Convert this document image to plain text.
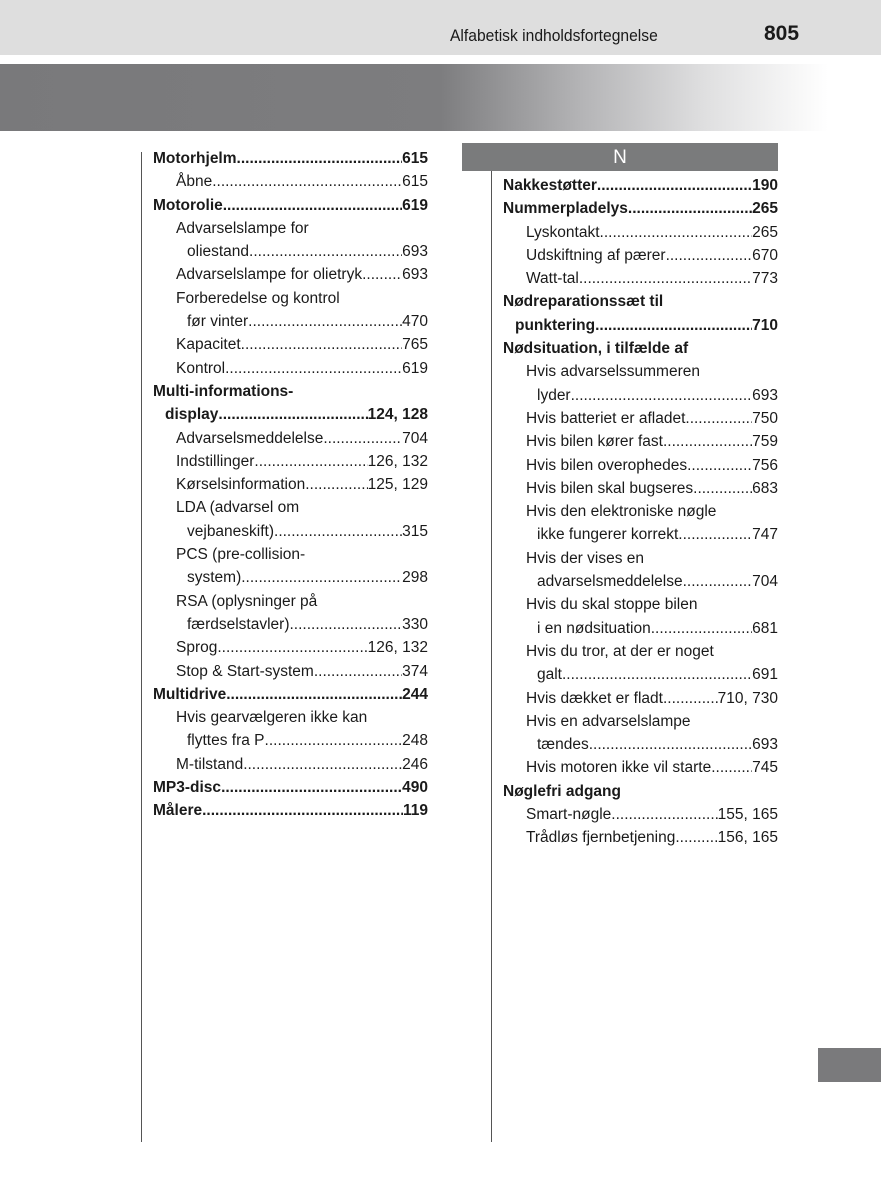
Alfabetisk indholdsfortegnelse	805
N
Motorhjelm .....	615
Åbne .....	615
Motorolie .....	619
Advarselslampe for
oliestand .....	693
Advarselslampe for olietryk .....	693
Forberedelse og kontrol
før vinter .....	470
Kapacitet .....	765
Kontrol .....	619
Multi-informations-
display .....	124, 128
Advarselsmeddelelse .....	704
Indstillinger .....	126, 132
Kørselsinformation .....	125, 129
LDA (advarsel om
vejbaneskift) .....	315
PCS (pre-collision-
system) .....	298
RSA (oplysninger på
færdselstavler) .....	330
Sprog .....	126, 132
Stop & Start-system .....	374
Multidrive .....	244
Hvis gearvælgeren ikke kan
flyttes fra P .....	248
M-tilstand .....	246
MP3-disc .....	490
Målere .....	119
Nakkestøtter .....	190
Nummerpladelys .....	265
Lyskontakt .....	265
Udskiftning af pærer .....	670
Watt-tal .....	773
Nødreparationssæt til
punktering .....	710
Nødsituation, i tilfælde af
Hvis advarselssummeren
lyder .....	693
Hvis batteriet er afladet .....	750
Hvis bilen kører fast .....	759
Hvis bilen overophedes .....	756
Hvis bilen skal bugseres .....	683
Hvis den elektroniske nøgle
ikke fungerer korrekt .....	747
Hvis der vises en
advarselsmeddelelse .....	704
Hvis du skal stoppe bilen
i en nødsituation .....	681
Hvis du tror, at der er noget
galt .....	691
Hvis dækket er fladt .....	710, 730
Hvis en advarselslampe
tændes .....	693
Hvis motoren ikke vil starte .....	745
Nøglefri adgang
Smart-nøgle .....	155, 165
Trådløs fjernbetjening .....	156, 165
